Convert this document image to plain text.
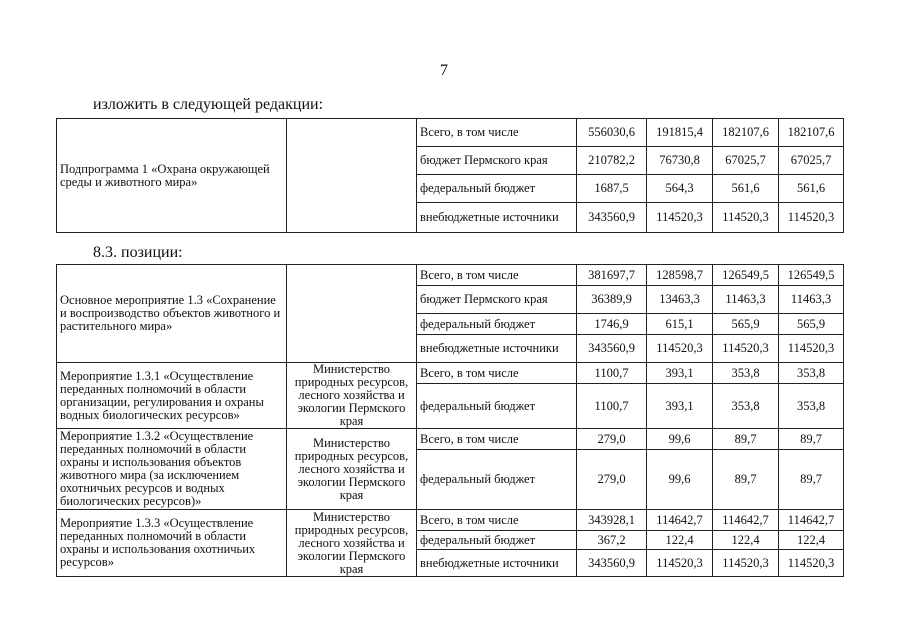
7
изложить в следующей редакции:
Подпрограмма 1 «Охрана окружающей среды и животного мира»		Всего, в том числе	556030,6	191815,4	182107,6	182107,6
		бюджет Пермского края	210782,2	76730,8	67025,7	67025,7
		федеральный бюджет	1687,5	564,3	561,6	561,6
		внебюджетные источники	343560,9	114520,3	114520,3	114520,3
8.3. позиции:
Основное мероприятие 1.3 «Сохранение и воспроизводство объектов животного и растительного мира»		Всего, в том числе	381697,7	128598,7	126549,5	126549,5
		бюджет Пермского края	36389,9	13463,3	11463,3	11463,3
		федеральный бюджет	1746,9	615,1	565,9	565,9
		внебюджетные источники	343560,9	114520,3	114520,3	114520,3
Мероприятие 1.3.1 «Осуществление переданных полномочий в области организации, регулирования и охраны водных биологических ресурсов»	Министерство природных ресурсов, лесного хозяйства и экологии Пермского края	Всего, в том числе	1100,7	393,1	353,8	353,8
		федеральный бюджет	1100,7	393,1	353,8	353,8
Мероприятие 1.3.2 «Осуществление переданных полномочий в области охраны и использования объектов животного мира (за исключением охотничьих ресурсов и водных биологических ресурсов)»	Министерство природных ресурсов, лесного хозяйства и экологии Пермского края	Всего, в том числе	279,0	99,6	89,7	89,7
		федеральный бюджет	279,0	99,6	89,7	89,7
Мероприятие 1.3.3 «Осуществление переданных полномочий в области охраны и использования охотничьих ресурсов»	Министерство природных ресурсов, лесного хозяйства и экологии Пермского края	Всего, в том числе	343928,1	114642,7	114642,7	114642,7
		федеральный бюджет	367,2	122,4	122,4	122,4
		внебюджетные источники	343560,9	114520,3	114520,3	114520,3
